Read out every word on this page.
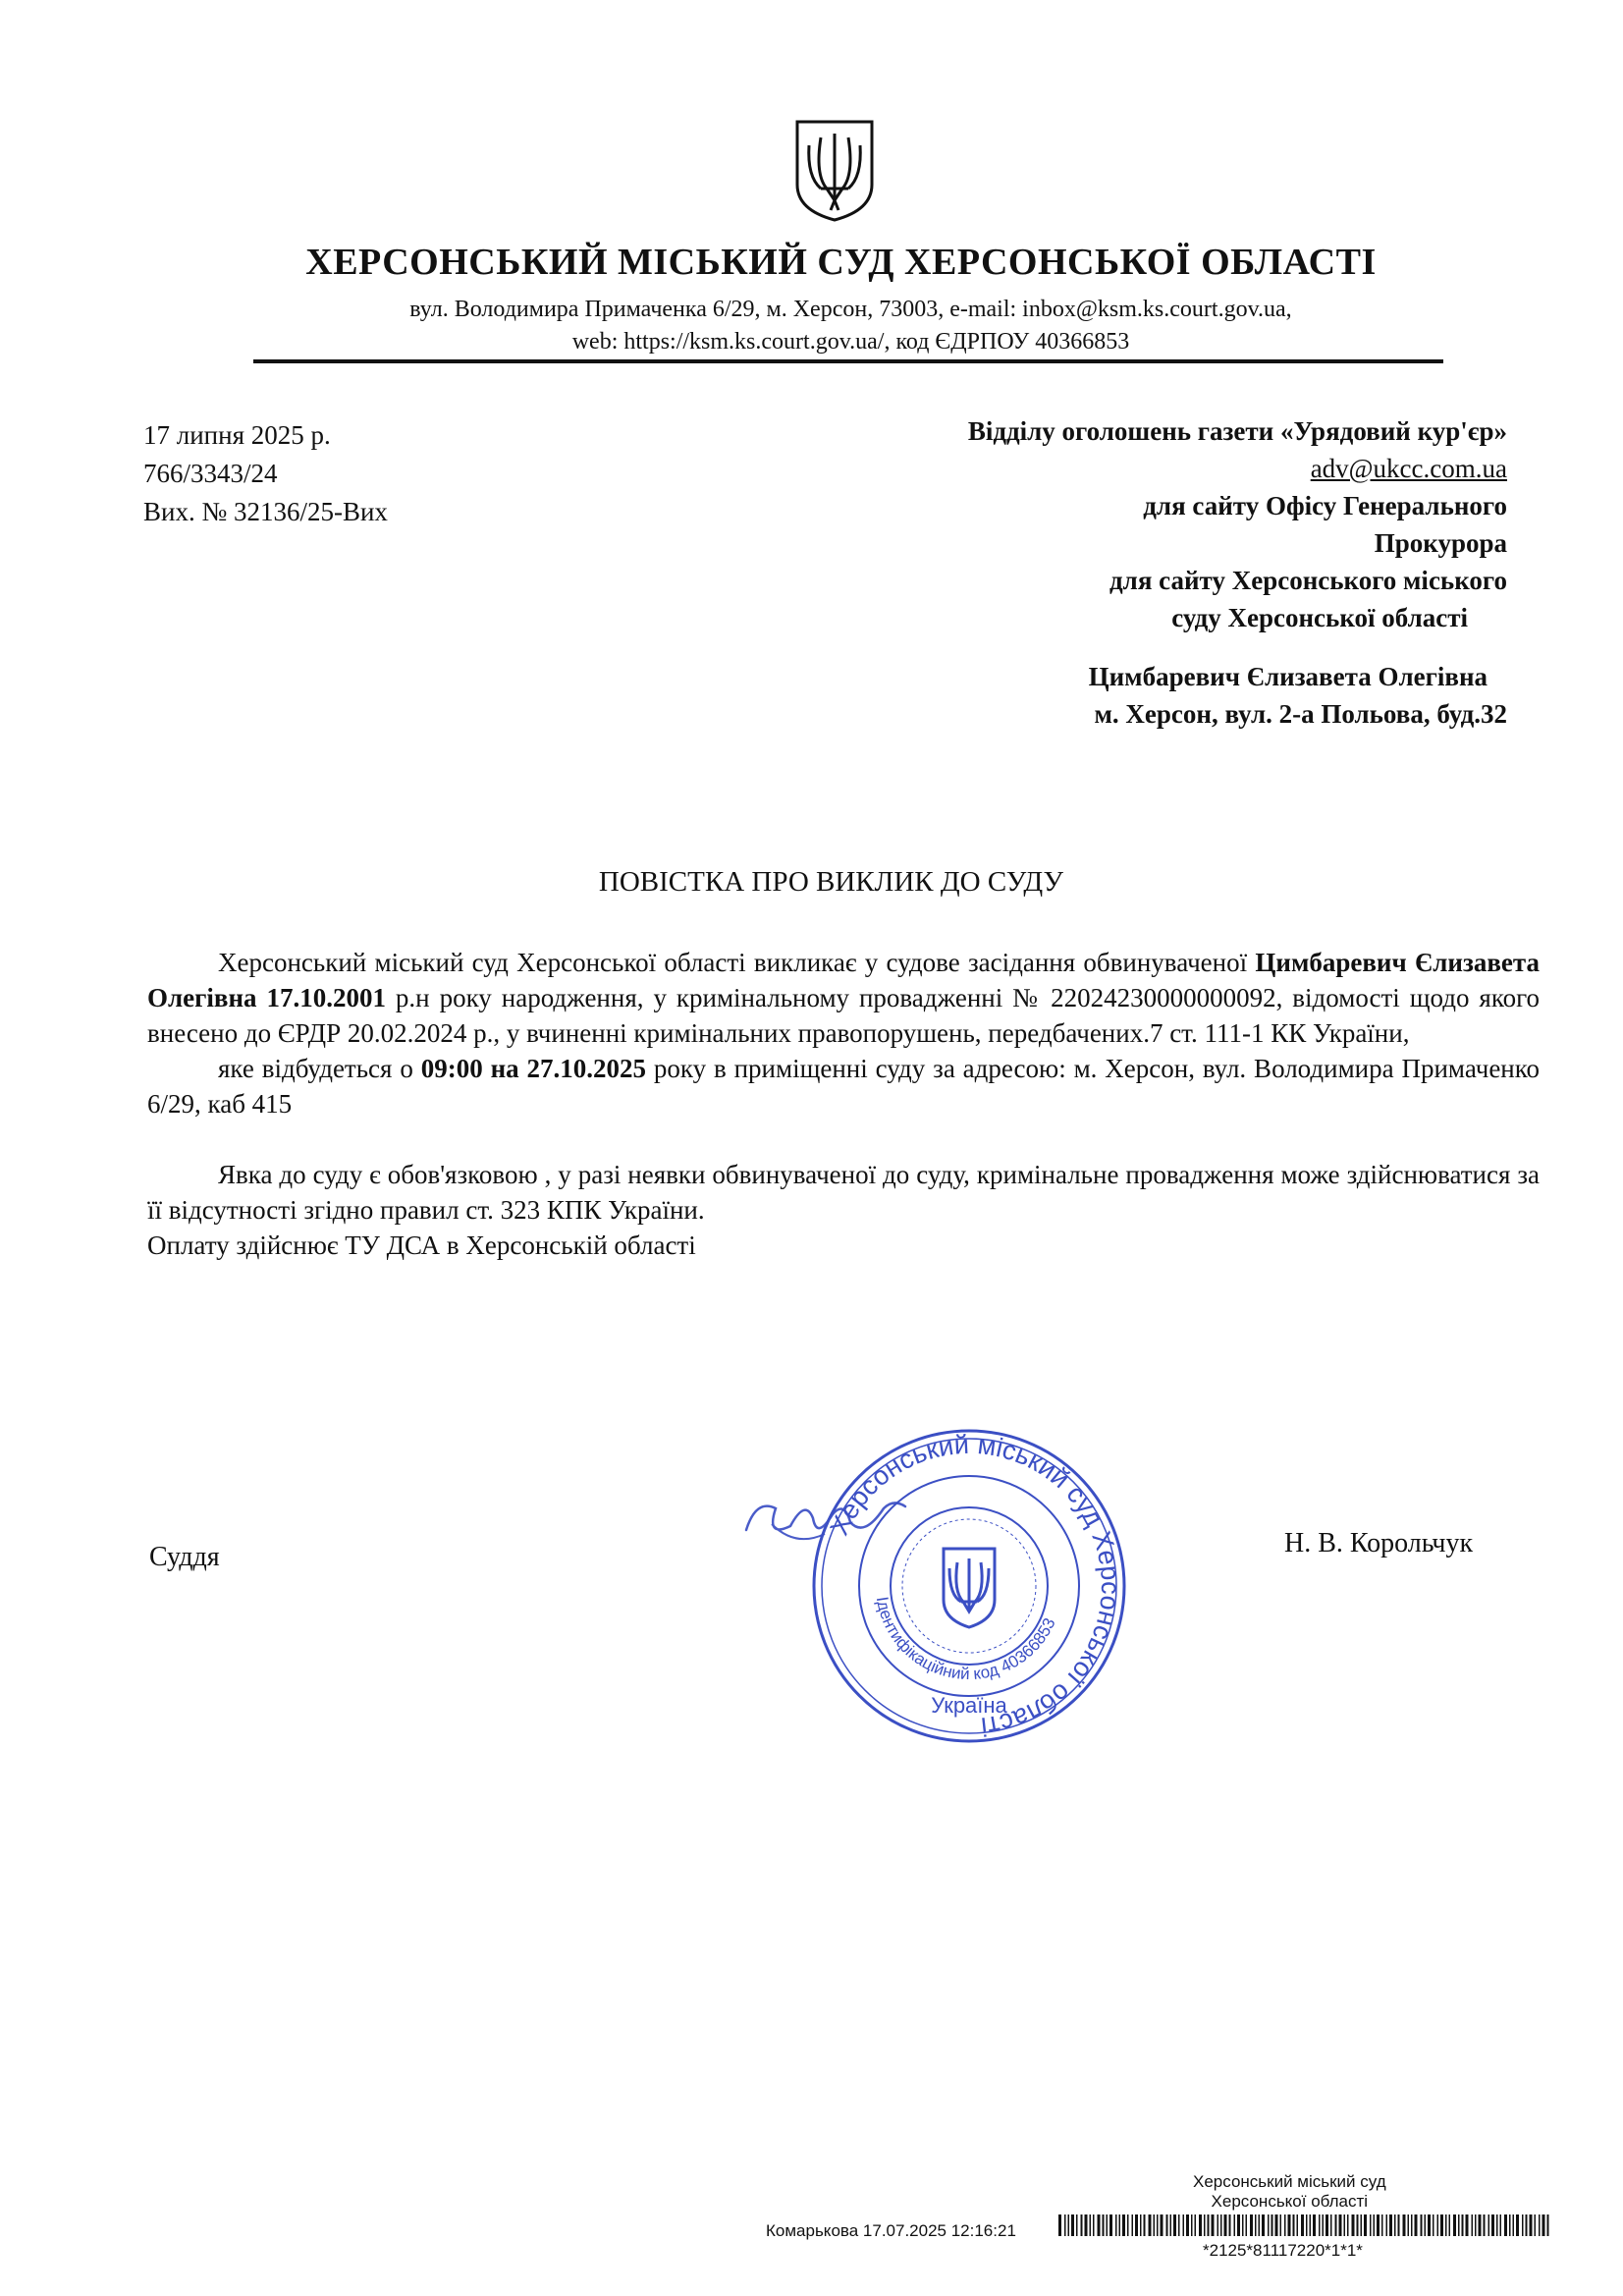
ХЕРСОНСЬКИЙ МІСЬКИЙ СУД ХЕРСОНСЬКОЇ ОБЛАСТІ
вул. Володимира Примаченка 6/29, м. Херсон, 73003, e-mail: inbox@ksm.ks.court.gov.ua,
web: https://ksm.ks.court.gov.ua/, код ЄДРПОУ 40366853
17 липня 2025 р.
766/3343/24
Вих. № 32136/25-Вих
Відділу оголошень газети «Урядовий кур'єр»
adv@ukcc.com.ua
для сайту Офісу Генерального
Прокурора
для сайту Херсонського міського
суду Херсонської області
Цимбаревич Єлизавета Олегівна
м. Херсон, вул. 2-а Польова, буд.32
ПОВІСТКА ПРО ВИКЛИК ДО СУДУ

Херсонський міський суд Херсонської області викликає у судове засідання обвинуваченої Цимбаревич Єлизавета Олегівна 17.10.2001 р.н року народження, у кримінальному провадженні № 22024230000000092, відомості щодо якого внесено до ЄРДР 20.02.2024 р., у вчиненні кримінальних правопорушень, передбачених.7 ст. 111-1 КК України,

яке відбудеться о 09:00 на 27.10.2025 року в приміщенні суду за адресою: м. Херсон, вул. Володимира Примаченко 6/29, каб 415

Явка до суду є обов'язковою , у разі неявки обвинуваченої до суду, кримінальне провадження може здійснюватися за її відсутності згідно правил ст. 323 КПК України.

Оплату здійснює ТУ ДСА в Херсонській області

Суддя	Н. В. Корольчук
Херсонський міський суд Херсонської області
Ідентифікаційний код 40366853
Україна
Херсонський міський суд
Херсонської області
Комарькова 17.07.2025 12:16:21
*2125*81117220*1*1*
